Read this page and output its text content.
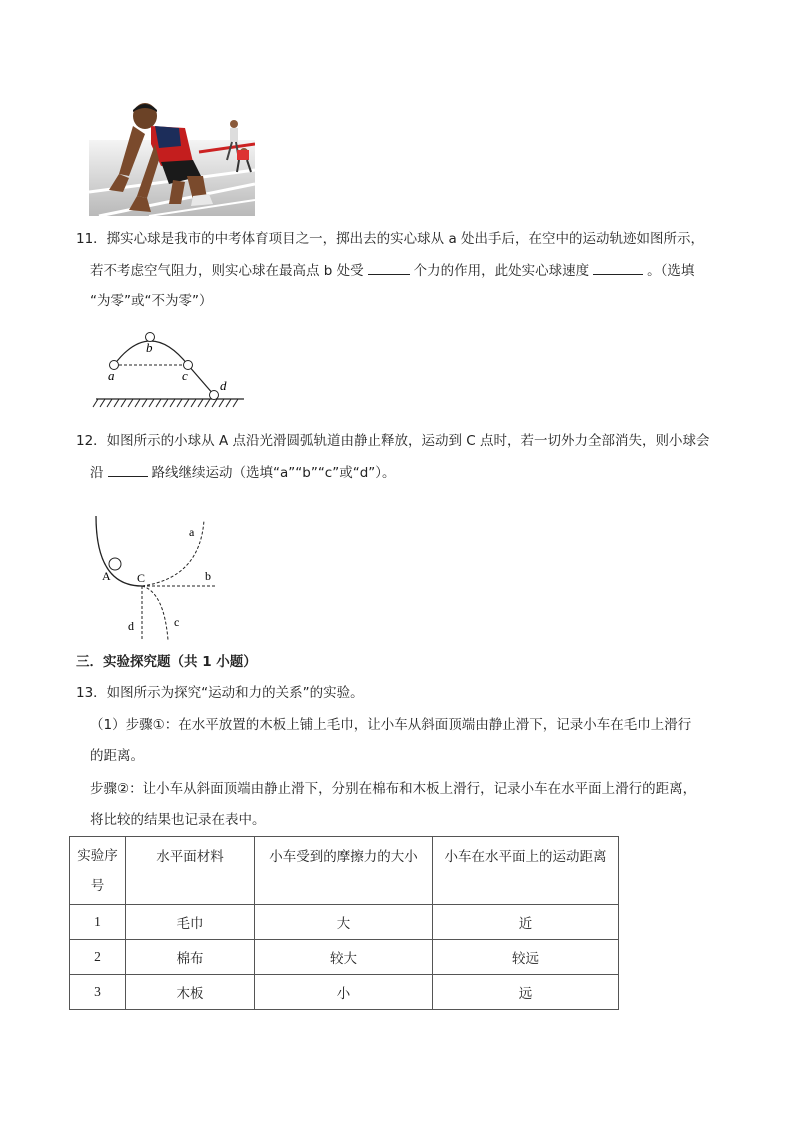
11．掷实心球是我市的中考体育项目之一，掷出去的实心球从 a 处出手后，在空中的运动轨迹如图所示，
若不考虑空气阻力，则实心球在最高点 b 处受	个力的作用，此处实心球速度	。（选填
“为零”或“不为零”）
a
b
c
d
12．如图所示的小球从 A 点沿光滑圆弧轨道由静止释放，运动到 C 点时，若一切外力全部消失，则小球会
沿	路线继续运动（选填“a”“b”“c”或“d”）。
A C
a
b
c
d
三．实验探究题（共 1 小题）
13．如图所示为探究“运动和力的关系”的实验。
（1）步骤①：在水平放置的木板上铺上毛巾，让小车从斜面顶端由静止滑下，记录小车在毛巾上滑行
的距离。
步骤②：让小车从斜面顶端由静止滑下，分别在棉布和木板上滑行，记录小车在水平面上滑行的距离，
将比较的结果也记录在表中。
实验序
号	水平面材料	小车受到的摩擦力的大小	小车在水平面上的运动距离
1	毛巾	大	近
2	棉布	较大	较远
3	木板	小	远
